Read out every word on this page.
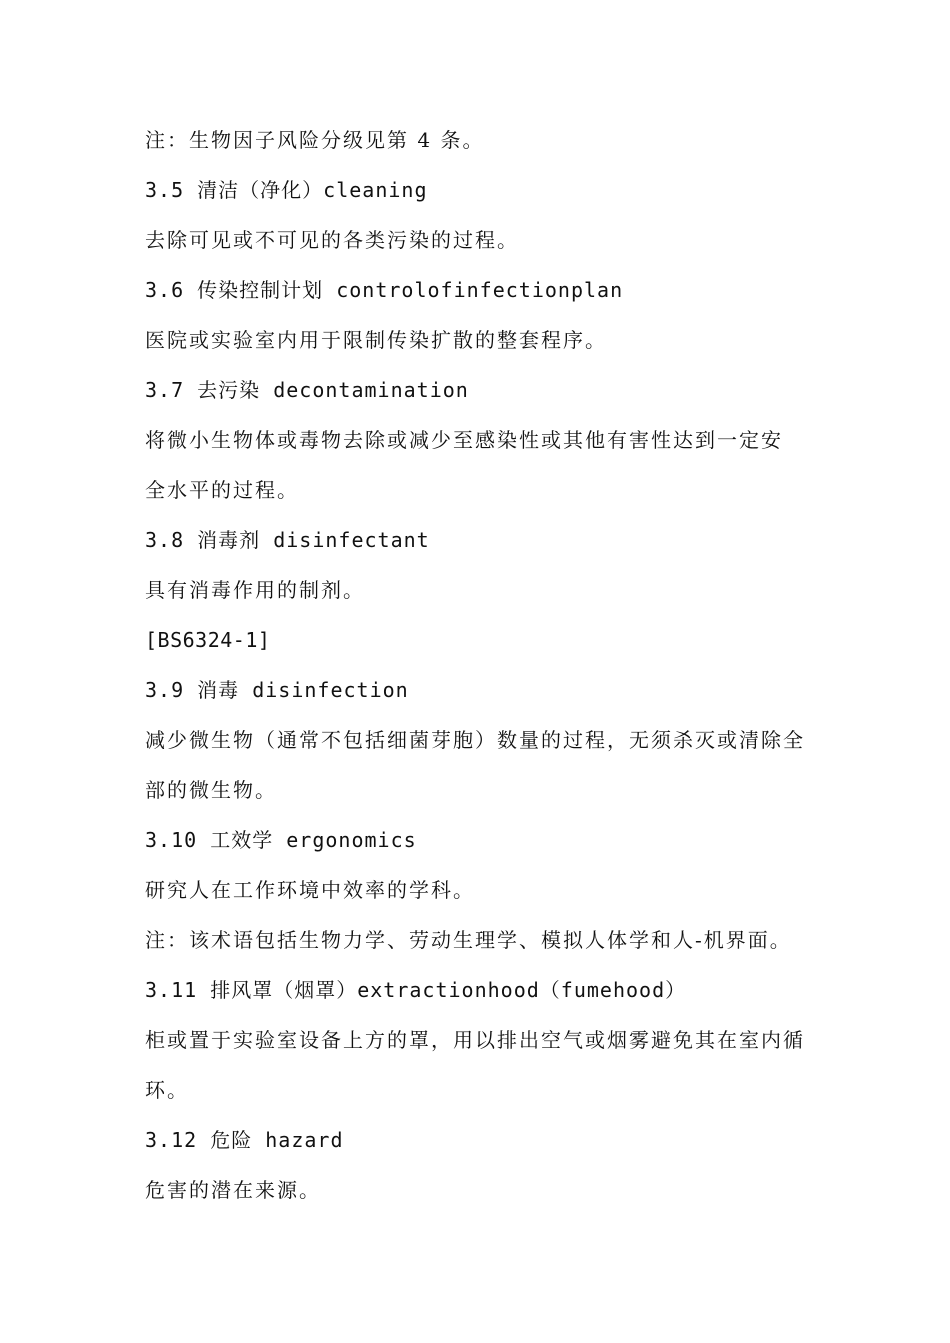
注：生物因子风险分级见第 4 条。
3.5 清洁（净化）cleaning
去除可见或不可见的各类污染的过程。
3.6 传染控制计划 controlofinfectionplan
医院或实验室内用于限制传染扩散的整套程序。
3.7 去污染 decontamination
将微小生物体或毒物去除或减少至感染性或其他有害性达到一定安
全水平的过程。
3.8 消毒剂 disinfectant
具有消毒作用的制剂。
[BS6324-1]
3.9 消毒 disinfection
减少微生物（通常不包括细菌芽胞）数量的过程，无须杀灭或清除全
部的微生物。
3.10 工效学 ergonomics
研究人在工作环境中效率的学科。
注：该术语包括生物力学、劳动生理学、模拟人体学和人-机界面。
3.11 排风罩（烟罩）extractionhood（fumehood）
柜或置于实验室设备上方的罩，用以排出空气或烟雾避免其在室内循
环。
3.12 危险 hazard
危害的潜在来源。
